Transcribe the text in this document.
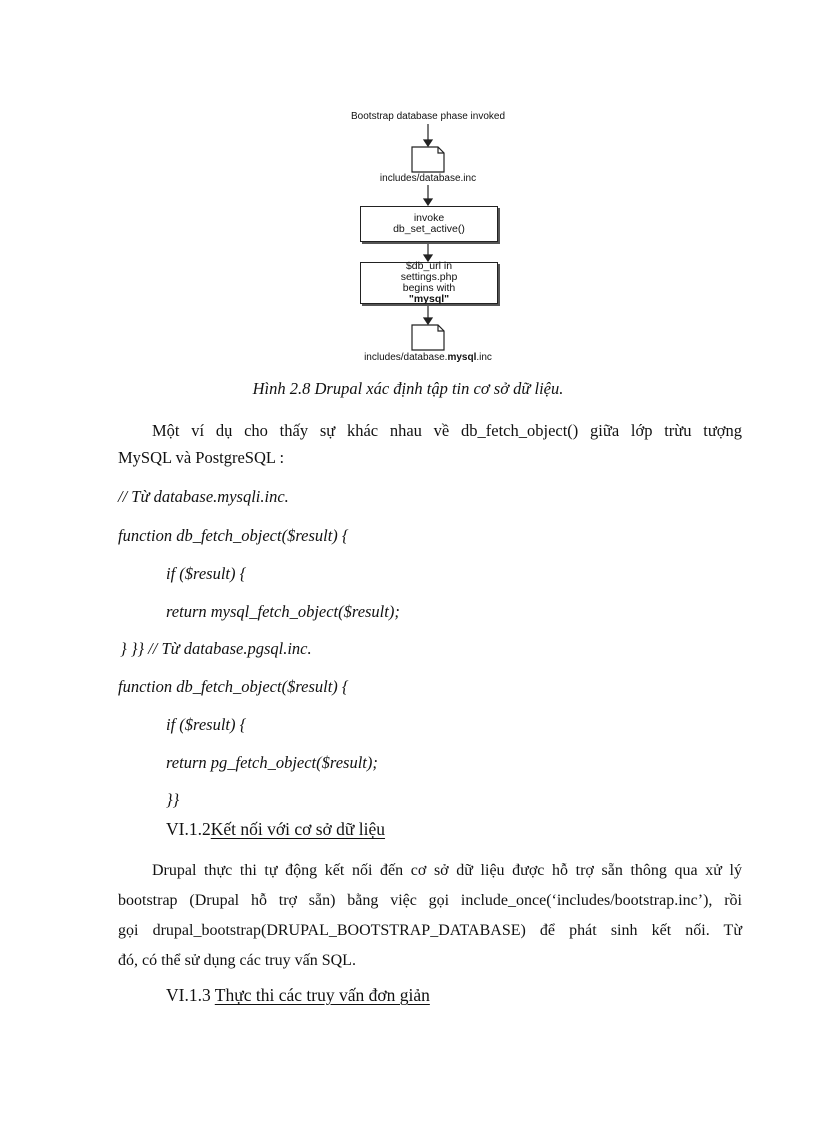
Bootstrap database phase invoked
includes/database.inc
invoke
db_set_active()
$db_url in
settings.php
begins with
"mysql"
includes/database.mysql.inc
Hình 2.8 Drupal xác định tập tin cơ sở dữ liệu.
Một ví dụ cho thấy sự khác nhau về db_fetch_object() giữa lớp trừu tượng
MySQL và PostgreSQL :
// Từ database.mysqli.inc.
function db_fetch_object($result) {
if ($result) {
return mysql_fetch_object($result);
} }} // Từ database.pgsql.inc.
function db_fetch_object($result) {
if ($result) {
return pg_fetch_object($result);
}}
VI.1.2Kết nối với cơ sở dữ liệu
Drupal thực thi tự động kết nối đến cơ sở dữ liệu được hỗ trợ sẵn thông qua xử lý
bootstrap (Drupal hỗ trợ sẵn) bằng việc gọi include_once(‘includes/bootstrap.inc’), rồi
gọi drupal_bootstrap(DRUPAL_BOOTSTRAP_DATABASE) để phát sinh kết nối. Từ
đó, có thể sử dụng các truy vấn SQL.
VI.1.3 Thực thi các truy vấn đơn giản
